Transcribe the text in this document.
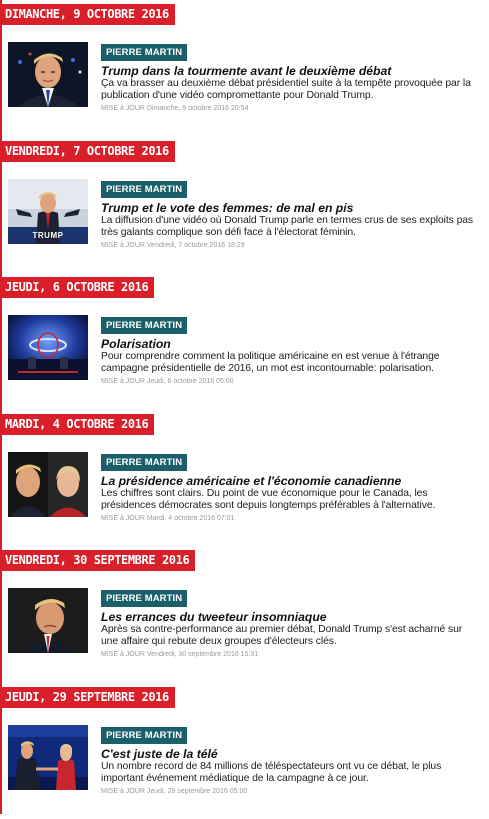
DIMANCHE, 9 OCTOBRE 2016
PIERRE MARTIN
Trump dans la tourmente avant le deuxième débat
Ça va brasser au deuxième débat présidentiel suite à la tempête provoquée par la publication d'une vidéo compromettante pour Donald Trump.
MISE à JOUR Dimanche, 9 octobre 2016 20:54
VENDREDI, 7 OCTOBRE 2016
TRUMP
PIERRE MARTIN
Trump et le vote des femmes: de mal en pis
La diffusion d'une vidéo où Donald Trump parle en termes crus de ses exploits pas très galants complique son défi face à l'électorat féminin.
MISE à JOUR Vendredi, 7 octobre 2016 18:29
JEUDI, 6 OCTOBRE 2016
PIERRE MARTIN
Polarisation
Pour comprendre comment la politique américaine en est venue à l'étrange campagne présidentielle de 2016, un mot est incontournable: polarisation.
MISE à JOUR Jeudi, 6 octobre 2016 05:00
MARDI, 4 OCTOBRE 2016
PIERRE MARTIN
La présidence américaine et l'économie canadienne
Les chiffres sont clairs. Du point de vue économique pour le Canada, les présidences démocrates sont depuis longtemps préférables à l'alternative.
MISE à JOUR Mardi, 4 octobre 2016 07:01
VENDREDI, 30 SEPTEMBRE 2016
PIERRE MARTIN
Les errances du tweeteur insomniaque
Après sa contre-performance au premier débat, Donald Trump s'est acharné sur une affaire qui rebute deux groupes d'électeurs clés.
MISE à JOUR Vendredi, 30 septembre 2016 15:31
JEUDI, 29 SEPTEMBRE 2016
PIERRE MARTIN
C'est juste de la télé
Un nombre record de 84 millions de téléspectateurs ont vu ce débat, le plus important événement médiatique de la campagne à ce jour.
MISE à JOUR Jeudi, 29 septembre 2016 05:00
